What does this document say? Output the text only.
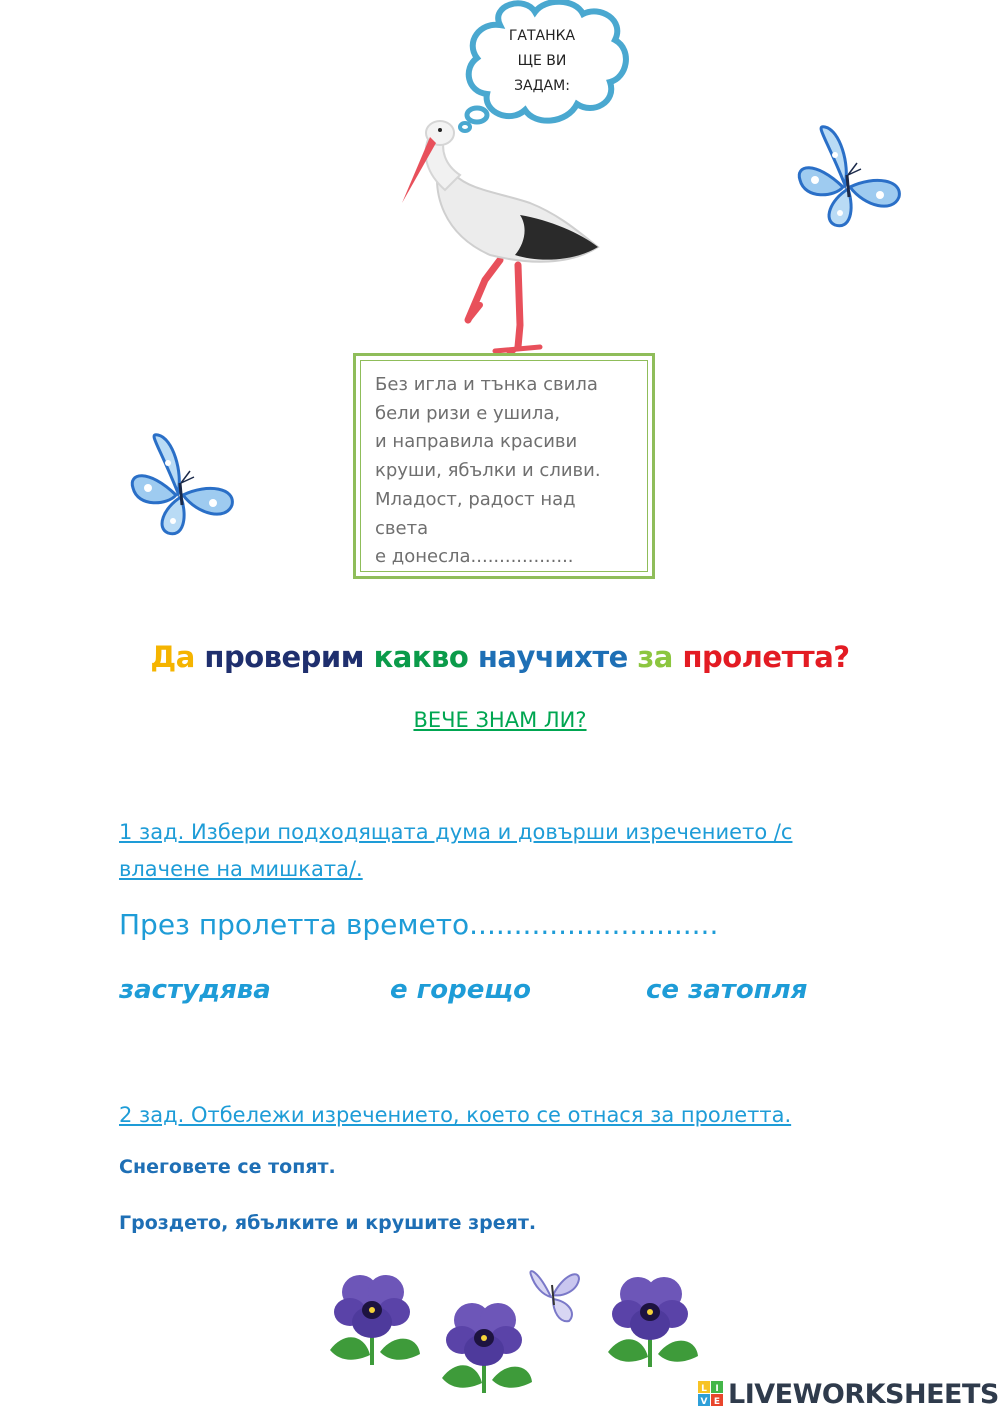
ГАТАНКА
ЩЕ ВИ
ЗАДАМ:
Без игла и тънка свила
бели ризи е ушила,
и направила красиви
круши, ябълки и сливи.
Младост, радост над
света
е донесла..................
Да проверим какво научихте за пролетта?
ВЕЧЕ ЗНАМ ЛИ?
1 зад. Избери подходящата дума и довърши изречението /с
влачене на мишката/.
През пролетта времето............................
застудява	е горещо	се затопля
2 зад. Отбележи изречението, което се отнася за пролетта.
Снеговете се топят.
Гроздето, ябълките и крушите зреят.
L I
V E LIVEWORKSHEETS
